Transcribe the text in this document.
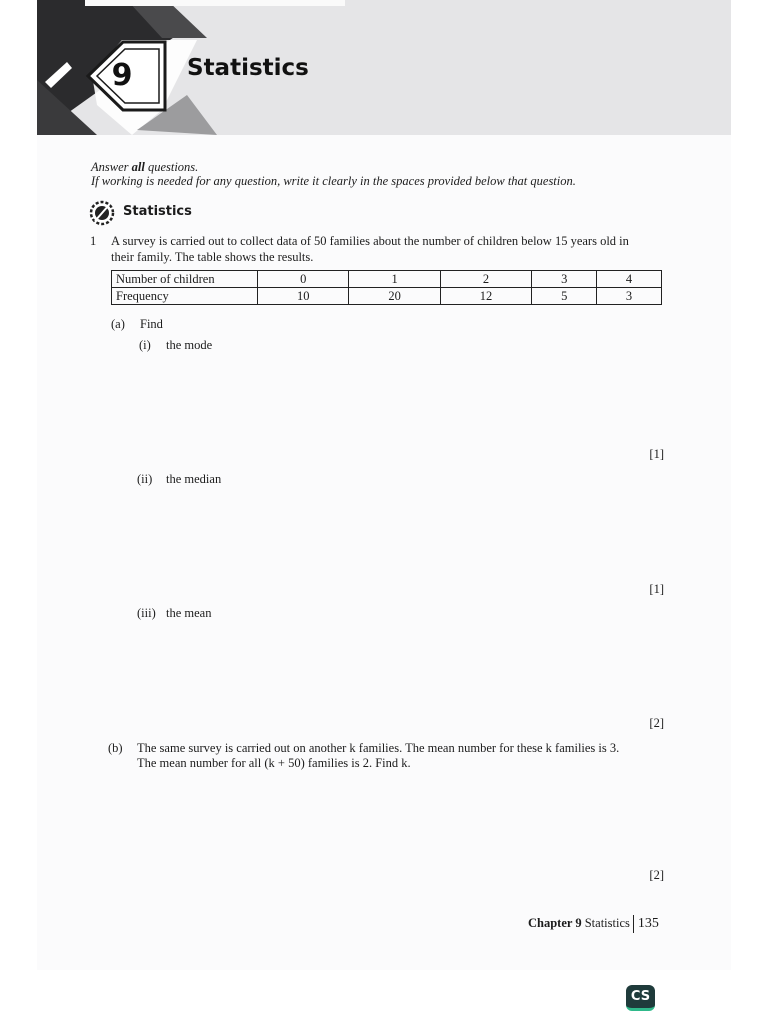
9	Statistics
Answer all questions.
If working is needed for any question, write it clearly in the spaces provided below that question.
Statistics
1 A survey is carried out to collect data of 50 families about the number of children below 15 years old in
their family. The table shows the results.
Number of children	0	1	2	3	4
Frequency	10	20	12	5	3
(a) Find
(i) the mode
[1]
(ii) the median
[1]
(iii) the mean
[2]
(b) The same survey is carried out on another k families. The mean number for these k families is 3.
The mean number for all (k + 50) families is 2. Find k.
[2]
Chapter 9 Statistics 135
CS
